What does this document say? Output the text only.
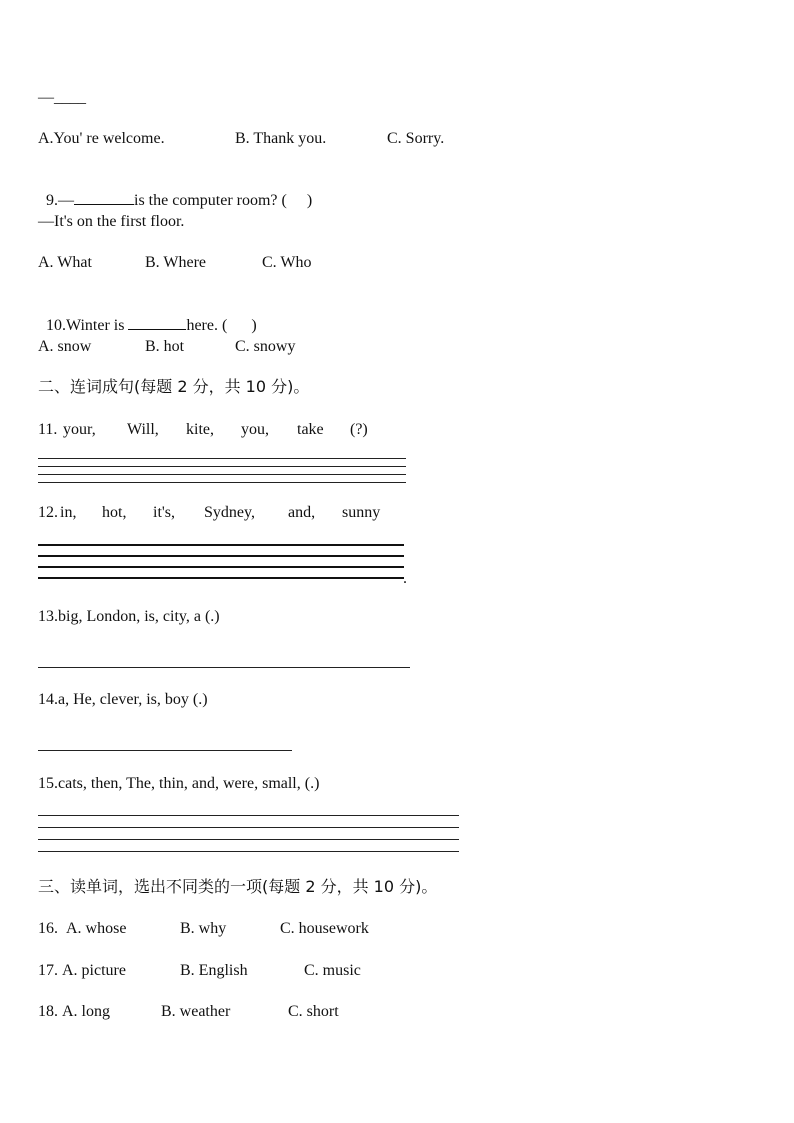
—____
A.You' re welcome.	B. Thank you.	C. Sorry.

9.—	is the computer room? (     )

—It's on the first floor.
A. What	B. Where	C. Who

10.Winter is	here. (      )

A. snow	B. hot	C. snowy
二、连词成句(每题 2 分，共 10 分)。
11. your, Will, kite, you, take (?)
12. in, hot, it's, Sydney, and, sunny
.
13.big, London, is, city, a (.)
14.a, He, clever, is, boy (.)
15.cats, then, The, thin, and, were, small, (.)
三、读单词，选出不同类的一项(每题 2 分，共 10 分)。
16. A. whose	B. why	C. housework
17. A. picture	B. English	C. music
18. A. long	B. weather	C. short
